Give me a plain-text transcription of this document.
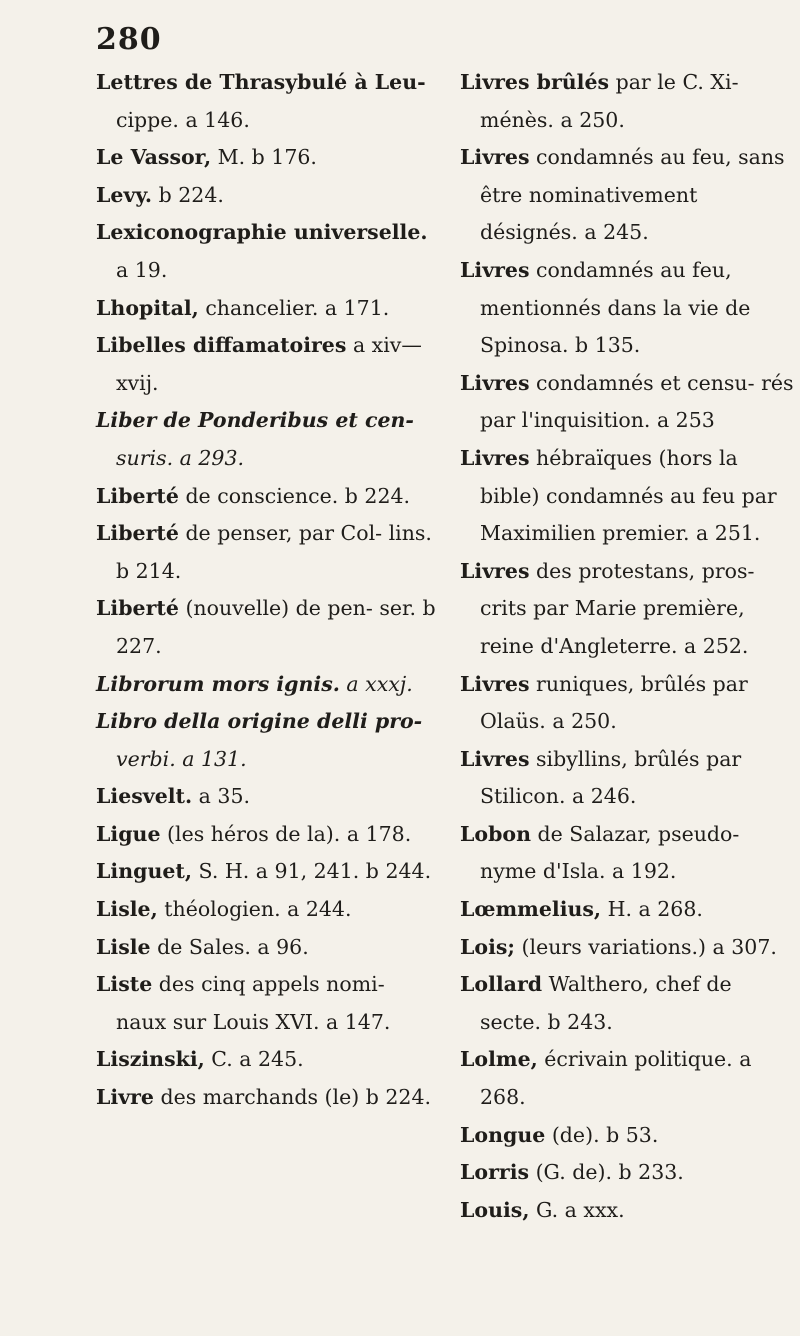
280
Lettres de Thrasybulé à Leu- cippe. a 146.
Le Vassor, M. b 176.
Levy. b 224.
Lexiconographie universelle. a 19.
Lhopital, chancelier. a 171.
Libelles diffamatoires a xiv— xvij.
Liber de Ponderibus et cen- suris. a 293.
Liberté de conscience. b 224.
Liberté de penser, par Col- lins. b 214.
Liberté (nouvelle) de pen- ser. b 227.
Librorum mors ignis. a xxxj.
Libro della origine delli pro- verbi. a 131.
Liesvelt. a 35.
Ligue (les héros de la). a 178.
Linguet, S. H. a 91, 241. b 244.
Lisle, théologien. a 244.
Lisle de Sales. a 96.
Liste des cinq appels nomi- naux sur Louis XVI. a 147.
Liszinski, C. a 245.
Livre des marchands (le) b 224.
Livres brûlés par le C. Xi- ménès. a 250.
Livres condamnés au feu, sans être nominativement désignés. a 245.
Livres condamnés au feu, mentionnés dans la vie de Spinosa. b 135.
Livres condamnés et censu- rés par l'inquisition. a 253
Livres hébraïques (hors la bible) condamnés au feu par Maximilien premier. a 251.
Livres des protestans, pros- crits par Marie première, reine d'Angleterre. a 252.
Livres runiques, brûlés par Olaüs. a 250.
Livres sibyllins, brûlés par Stilicon. a 246.
Lobon de Salazar, pseudo- nyme d'Isla. a 192.
Lœmmelius, H. a 268.
Lois; (leurs variations.) a 307.
Lollard Walthero, chef de secte. b 243.
Lolme, écrivain politique. a 268.
Longue (de). b 53.
Lorris (G. de). b 233.
Louis, G. a xxx.
